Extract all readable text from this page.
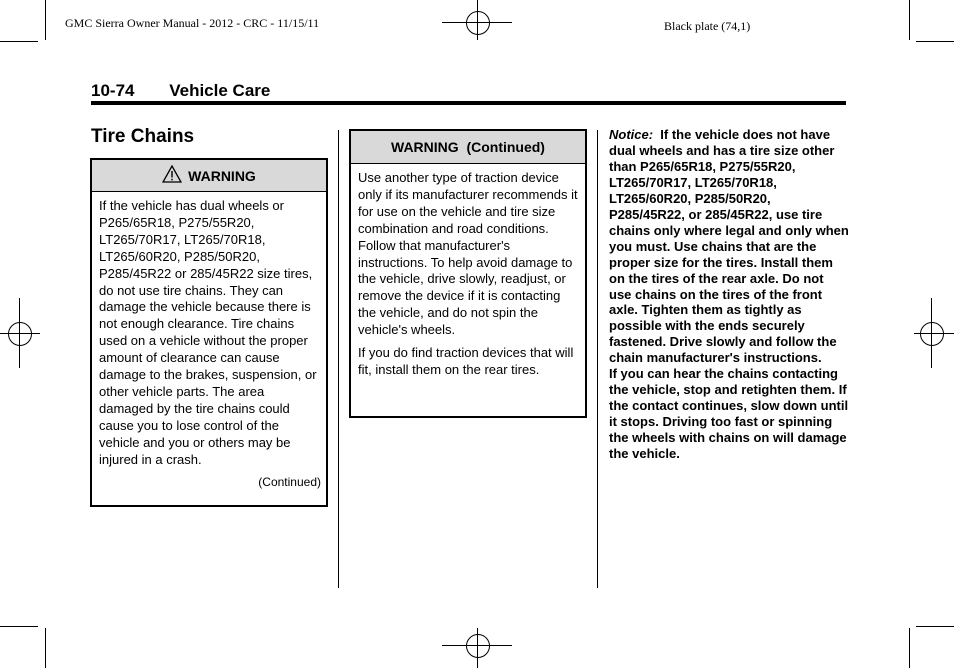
GMC Sierra Owner Manual - 2012 - CRC - 11/15/11	Black plate (74,1)
10-74 Vehicle Care
Tire Chains
WARNING

If the vehicle has dual wheels or P265/65R18, P275/55R20, LT265/70R17, LT265/70R18, LT265/60R20, P285/50R20, P285/45R22 or 285/45R22 size tires, do not use tire chains. They can damage the vehicle because there is not enough clearance. Tire chains used on a vehicle without the proper amount of clearance can cause damage to the brakes, suspension, or other vehicle parts. The area damaged by the tire chains could cause you to lose control of the vehicle and you or others may be injured in a crash.

(Continued)
WARNING  (Continued)

Use another type of traction device only if its manufacturer recommends it for use on the vehicle and tire size combination and road conditions. Follow that manufacturer's instructions. To help avoid damage to the vehicle, drive slowly, readjust, or remove the device if it is contacting the vehicle, and do not spin the vehicle's wheels.

If you do find traction devices that will fit, install them on the rear tires.

Notice: If the vehicle does not have dual wheels and has a tire size other than P265/65R18, P275/55R20, LT265/70R17, LT265/70R18, LT265/60R20, P285/50R20, P285/45R22, or 285/45R22, use tire chains only where legal and only when you must. Use chains that are the proper size for the tires. Install them on the tires of the rear axle. Do not use chains on the tires of the front axle. Tighten them as tightly as possible with the ends securely fastened. Drive slowly and follow the chain manufacturer's instructions.

If you can hear the chains contacting the vehicle, stop and retighten them. If the contact continues, slow down until it stops. Driving too fast or spinning the wheels with chains on will damage the vehicle.
